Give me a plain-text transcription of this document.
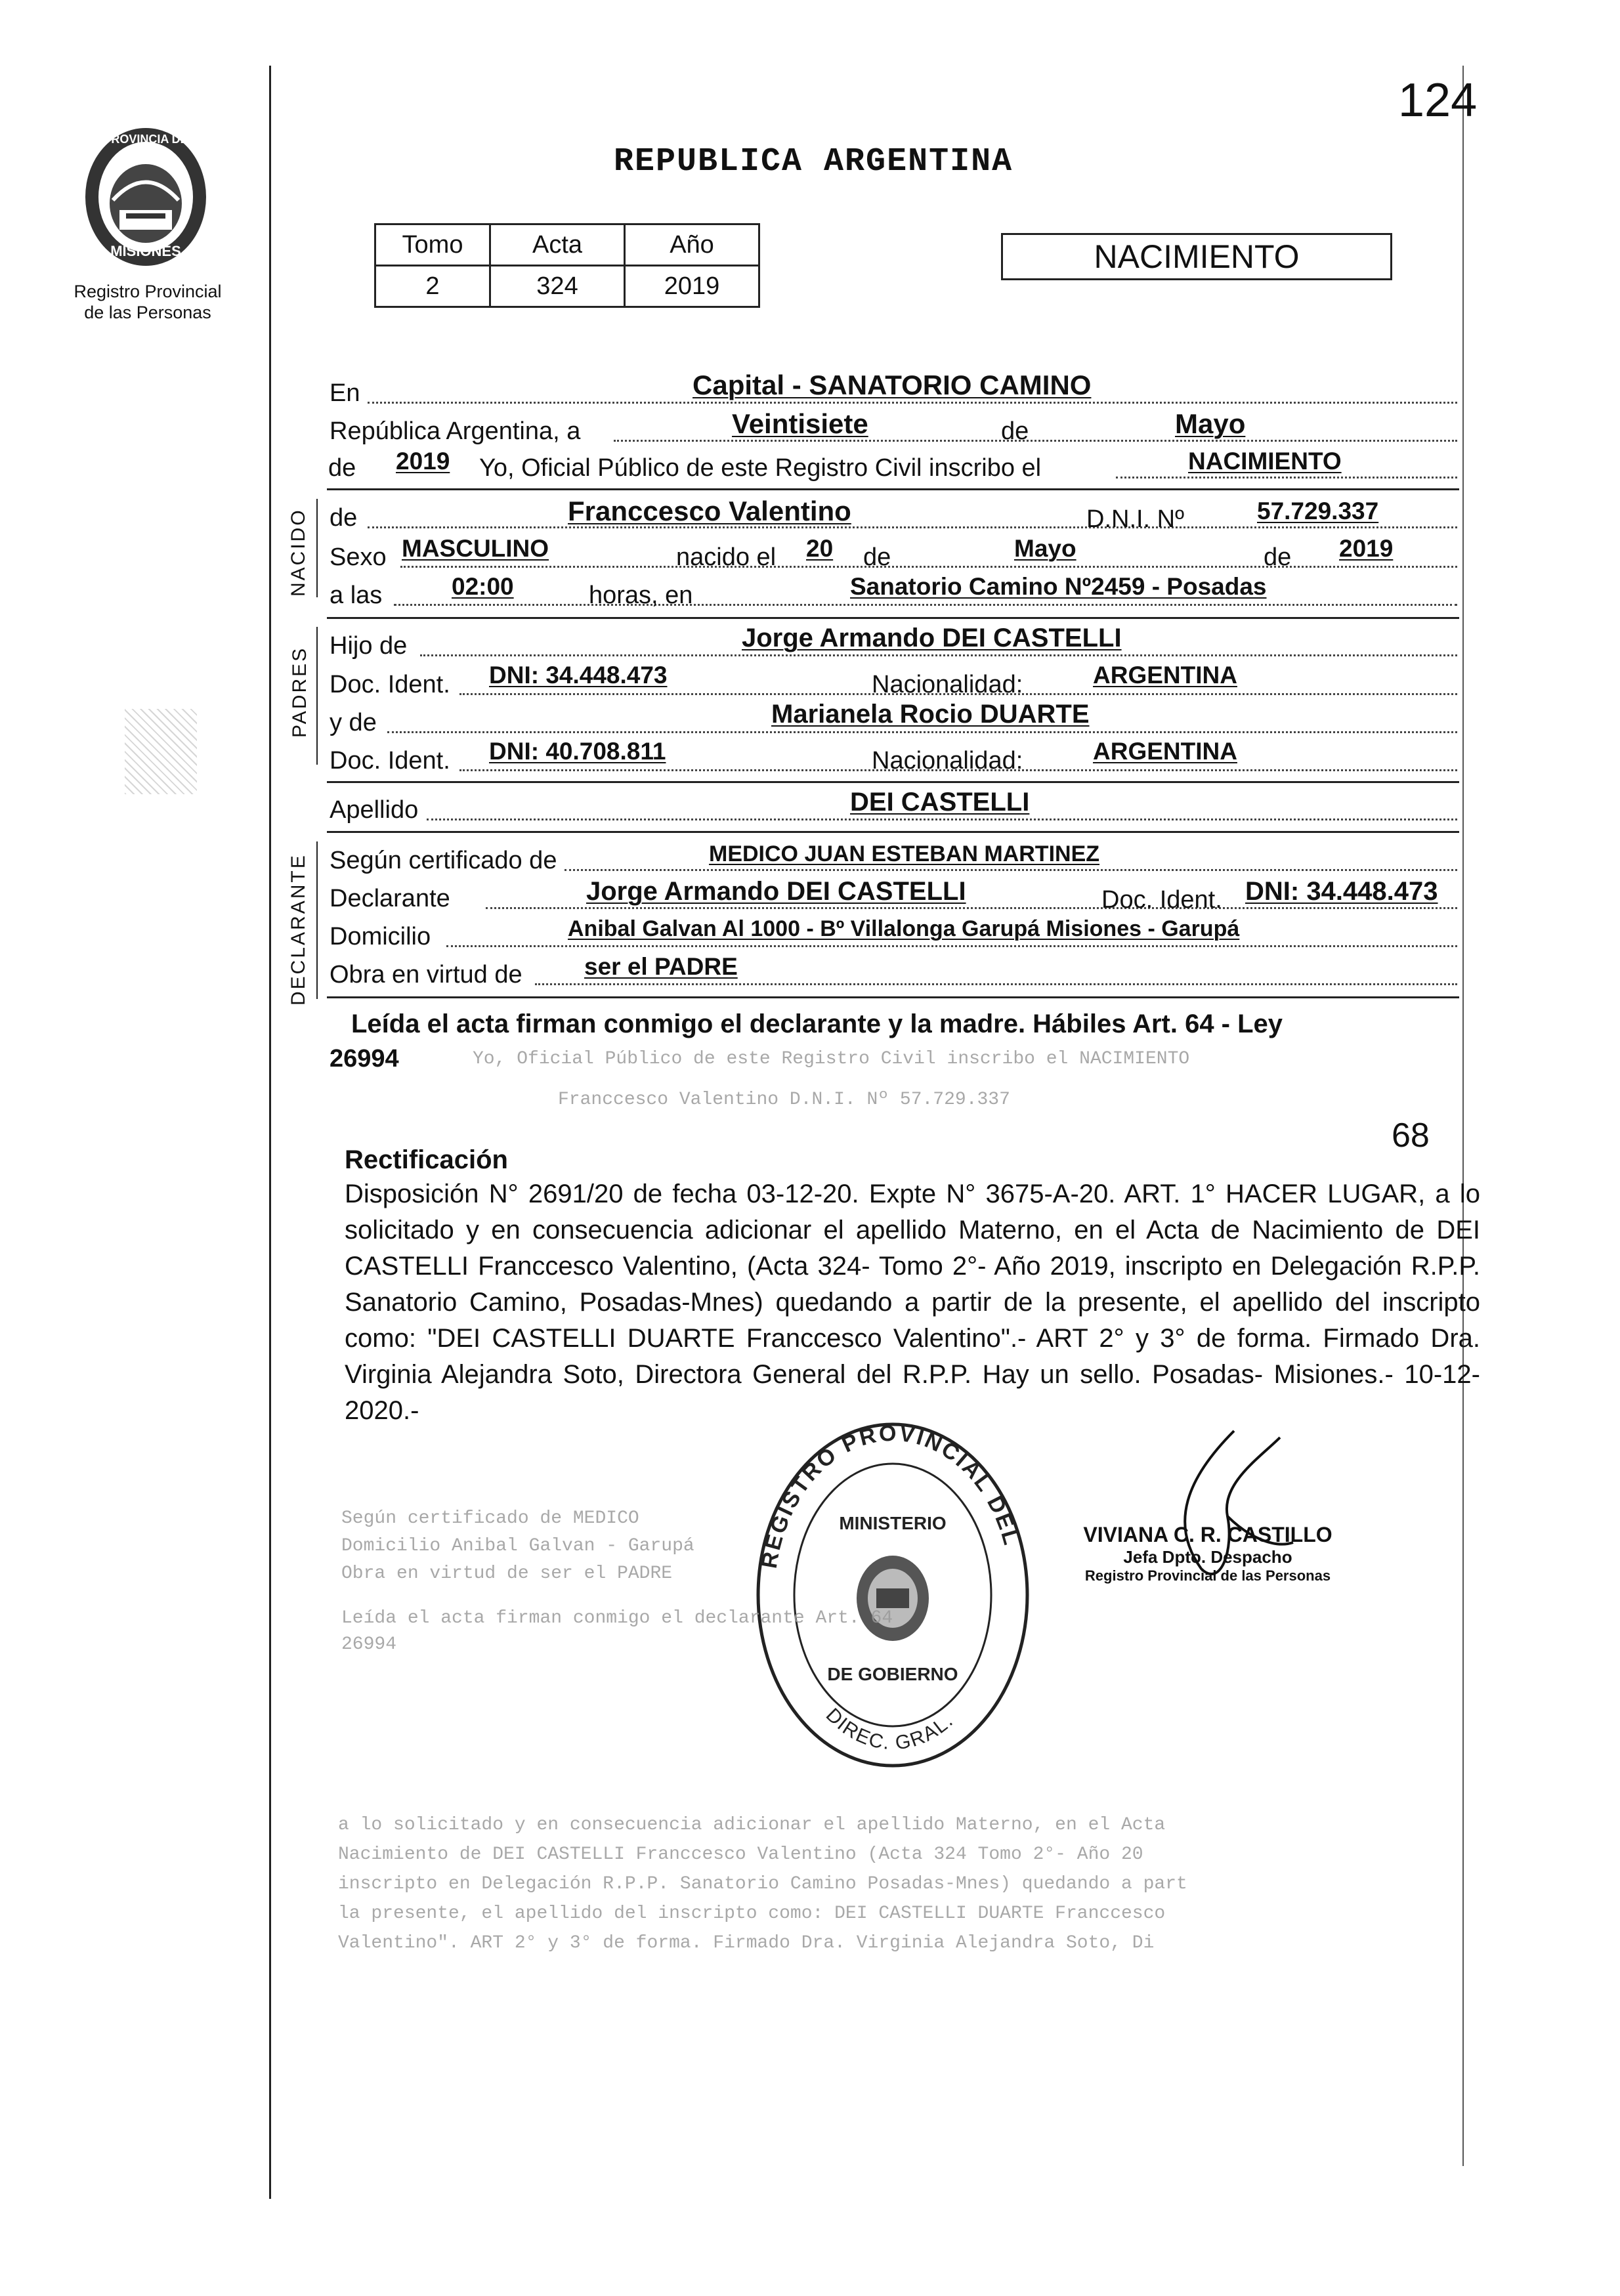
124
PROVINCIA DE
MISIONES
Registro Provincial
de las Personas
REPUBLICA ARGENTINA
Tomo	Acta	Año
2	324	2019
NACIMIENTO
En	Capital - SANATORIO CAMINO
República Argentina, a	Veintisiete	de	Mayo
de 2019 Yo, Oficial Público de este Registro Civil inscribo el	NACIMIENTO
NACIDO de	Franccesco Valentino	D.N.I. Nº	57.729.337
Sexo MASCULINO	nacido el 20 de	Mayo	de 2019
a las	02:00	horas, en	Sanatorio Camino Nº2459 - Posadas
PADRES
Hijo de	Jorge Armando DEI CASTELLI
Doc. Ident. DNI: 34.448.473	Nacionalidad:	ARGENTINA
y de	Marianela Rocio DUARTE
Doc. Ident. DNI: 40.708.811	Nacionalidad:	ARGENTINA
Apellido	DEI CASTELLI
DECLARANTE Según certificado de	MEDICO JUAN ESTEBAN MARTINEZ
Declarante	Jorge Armando DEI CASTELLI	Doc. Ident. DNI: 34.448.473
Domicilio	Anibal Galvan Al 1000 - Bº Villalonga Garupá Misiones - Garupá
Obra en virtud de	ser el PADRE
Leída el acta firman conmigo el declarante y la madre. Hábiles Art. 64 - Ley
26994	Yo, Oficial Público de este Registro Civil inscribo el NACIMIENTO
Franccesco Valentino D.N.I. Nº 57.729.337
68
Rectificación
Disposición N° 2691/20 de fecha 03-12-20. Expte N° 3675-A-20. ART. 1° HACER LUGAR, a lo solicitado y en consecuencia adicionar el apellido Materno, en el Acta de Nacimiento de DEI CASTELLI Franccesco Valentino, (Acta 324- Tomo 2°- Año 2019, inscripto en Delegación R.P.P. Sanatorio Camino, Posadas-Mnes) quedando a partir de la presente, el apellido del inscripto como: "DEI CASTELLI DUARTE Franccesco Valentino".- ART 2° y 3° de forma. Firmado Dra. Virginia Alejandra Soto, Directora General del R.P.P. Hay un sello. Posadas- Misiones.- 10-12-2020.-
REGISTRO PROVINCIAL DEL
DIREC. GRAL.
MINISTERIO
DE GOBIERNO
VIVIANA C. R. CASTILLO
Jefa Dpto. Despacho
Registro Provincial de las Personas
Según certificado de MEDICO
Domicilio Anibal Galvan - Garupá
Obra en virtud de ser el PADRE
Leída el acta firman conmigo el declarante Art. 64
26994
a lo solicitado y en consecuencia adicionar el apellido Materno, en el Acta
Nacimiento de DEI CASTELLI Franccesco Valentino (Acta 324 Tomo 2°- Año 20
inscripto en Delegación R.P.P. Sanatorio Camino Posadas-Mnes) quedando a part
la presente, el apellido del inscripto como: DEI CASTELLI DUARTE Franccesco
Valentino". ART 2° y 3° de forma. Firmado Dra. Virginia Alejandra Soto, Di
